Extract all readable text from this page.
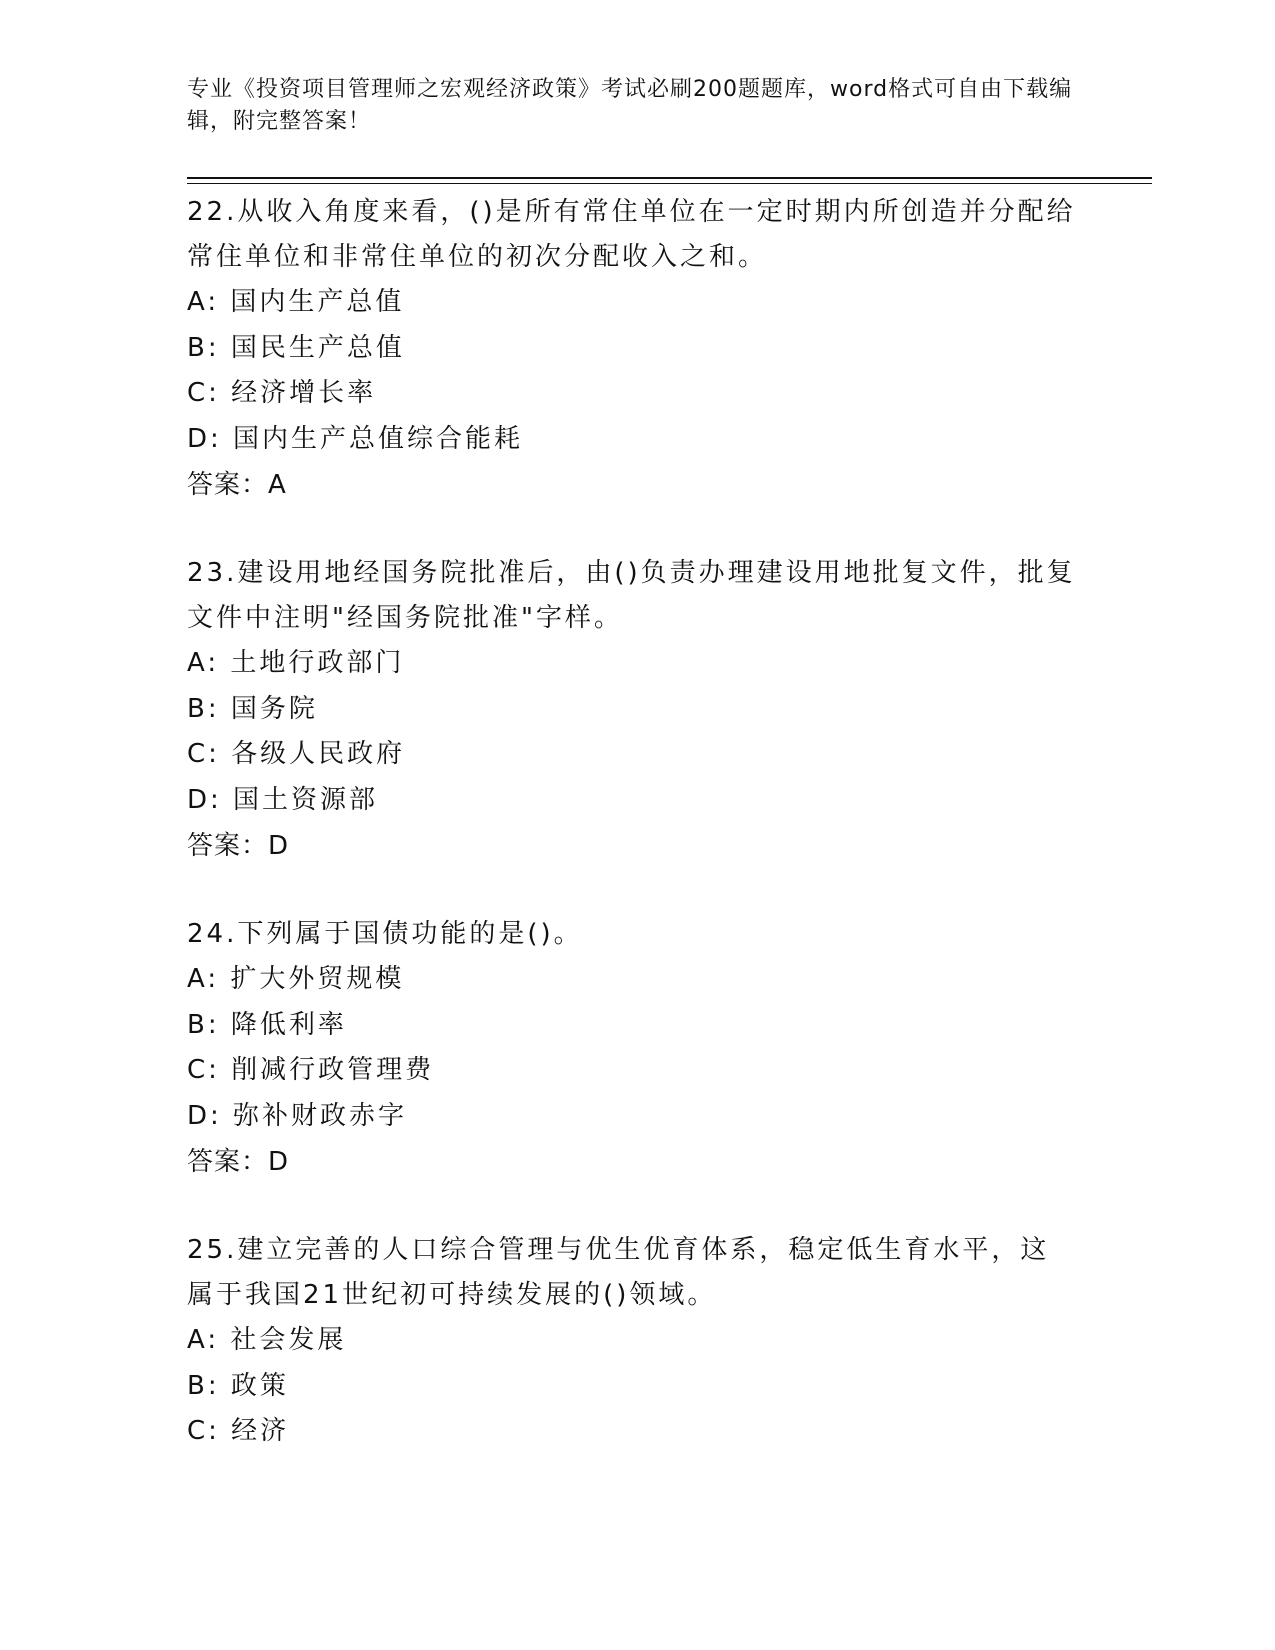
专业《投资项目管理师之宏观经济政策》考试必刷200题题库，word格式可自由下载编辑，附完整答案！

22.从收入角度来看，()是所有常住单位在一定时期内所创造并分配给常住单位和非常住单位的初次分配收入之和。

A: 国内生产总值
B: 国民生产总值
C: 经济增长率
D: 国内生产总值综合能耗
答案：A

23.建设用地经国务院批准后，由()负责办理建设用地批复文件，批复文件中注明"经国务院批准"字样。

A: 土地行政部门
B: 国务院
C: 各级人民政府
D: 国土资源部
答案：D

24.下列属于国债功能的是()。

A: 扩大外贸规模
B: 降低利率
C: 削减行政管理费
D: 弥补财政赤字
答案：D

25.建立完善的人口综合管理与优生优育体系，稳定低生育水平，这属于我国21世纪初可持续发展的()领域。

A: 社会发展
B: 政策
C: 经济
